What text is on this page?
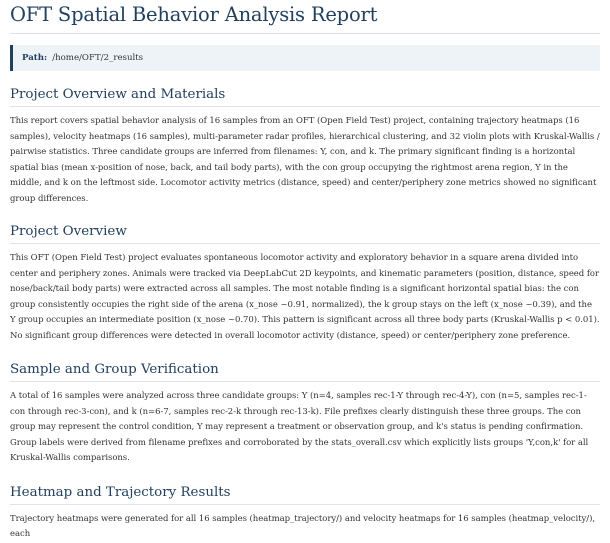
OFT Spatial Behavior Analysis Report
Path: /home/OFT/2_results
Project Overview and Materials

This report covers spatial behavior analysis of 16 samples from an OFT (Open Field Test) project, containing trajectory heatmaps (16 samples), velocity heatmaps (16 samples), multi-parameter radar profiles, hierarchical clustering, and 32 violin plots with Kruskal-Wallis / pairwise statistics. Three candidate groups are inferred from filenames: Y, con, and k. The primary significant finding is a horizontal spatial bias (mean x-position of nose, back, and tail body parts), with the con group occupying the rightmost arena region, Y in the middle, and k on the leftmost side. Locomotor activity metrics (distance, speed) and center/periphery zone metrics showed no significant group differences.

Project Overview

This OFT (Open Field Test) project evaluates spontaneous locomotor activity and exploratory behavior in a square arena divided into center and periphery zones. Animals were tracked via DeepLabCut 2D keypoints, and kinematic parameters (position, distance, speed for nose/back/tail body parts) were extracted across all samples. The most notable finding is a significant horizontal spatial bias: the con group consistently occupies the right side of the arena (x_nose ~0.91, normalized), the k group stays on the left (x_nose ~0.39), and the Y group occupies an intermediate position (x_nose ~0.70). This pattern is significant across all three body parts (Kruskal-Wallis p < 0.01). No significant group differences were detected in overall locomotor activity (distance, speed) or center/periphery zone preference.

Sample and Group Verification

A total of 16 samples were analyzed across three candidate groups: Y (n=4, samples rec-1-Y through rec-4-Y), con (n=5, samples rec-1-con through rec-3-con), and k (n=6-7, samples rec-2-k through rec-13-k). File prefixes clearly distinguish these three groups. The con group may represent the control condition, Y may represent a treatment or observation group, and k's status is pending confirmation. Group labels were derived from filename prefixes and corroborated by the stats_overall.csv which explicitly lists groups 'Y,con,k' for all Kruskal-Wallis comparisons.

Heatmap and Trajectory Results

Trajectory heatmaps were generated for all 16 samples (heatmap_trajectory/) and velocity heatmaps for 16 samples (heatmap_velocity/), each
